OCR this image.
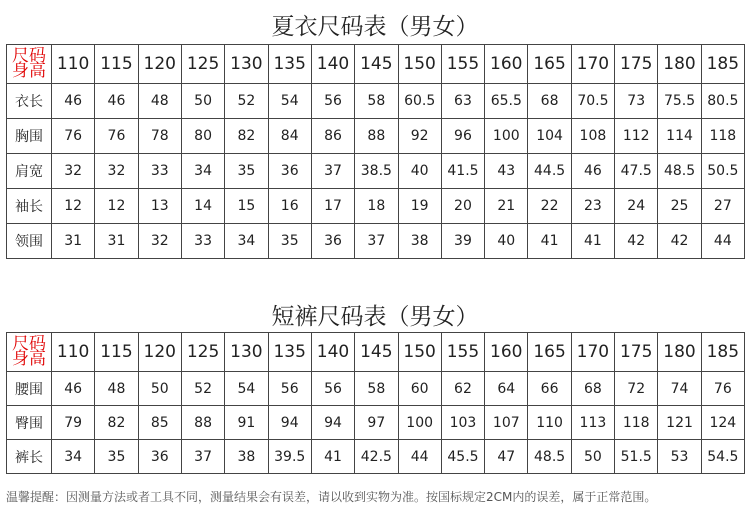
夏衣尺码表（男女）
尺码
身高	110	115	120	125	130	135	140	145	150	155	160	165	170	175	180	185
衣长	46	46	48	50	52	54	56	58	60.5	63	65.5	68	70.5	73	75.5	80.5
胸围	76	76	78	80	82	84	86	88	92	96	100	104	108	112	114	118
肩宽	32	32	33	34	35	36	37	38.5	40	41.5	43	44.5	46	47.5	48.5	50.5
袖长	12	12	13	14	15	16	17	18	19	20	21	22	23	24	25	27
领围	31	31	32	33	34	35	36	37	38	39	40	41	41	42	42	44
短裤尺码表（男女）
尺码
身高	110	115	120	125	130	135	140	145	150	155	160	165	170	175	180	185
腰围	46	48	50	52	54	56	56	58	60	62	64	66	68	72	74	76
臀围	79	82	85	88	91	94	94	97	100	103	107	110	113	118	121	124
裤长	34	35	36	37	38	39.5	41	42.5	44	45.5	47	48.5	50	51.5	53	54.5
温馨提醒：因测量方法或者工具不同，测量结果会有误差，请以收到实物为准。按国标规定2CM内的误差，属于正常范围。
